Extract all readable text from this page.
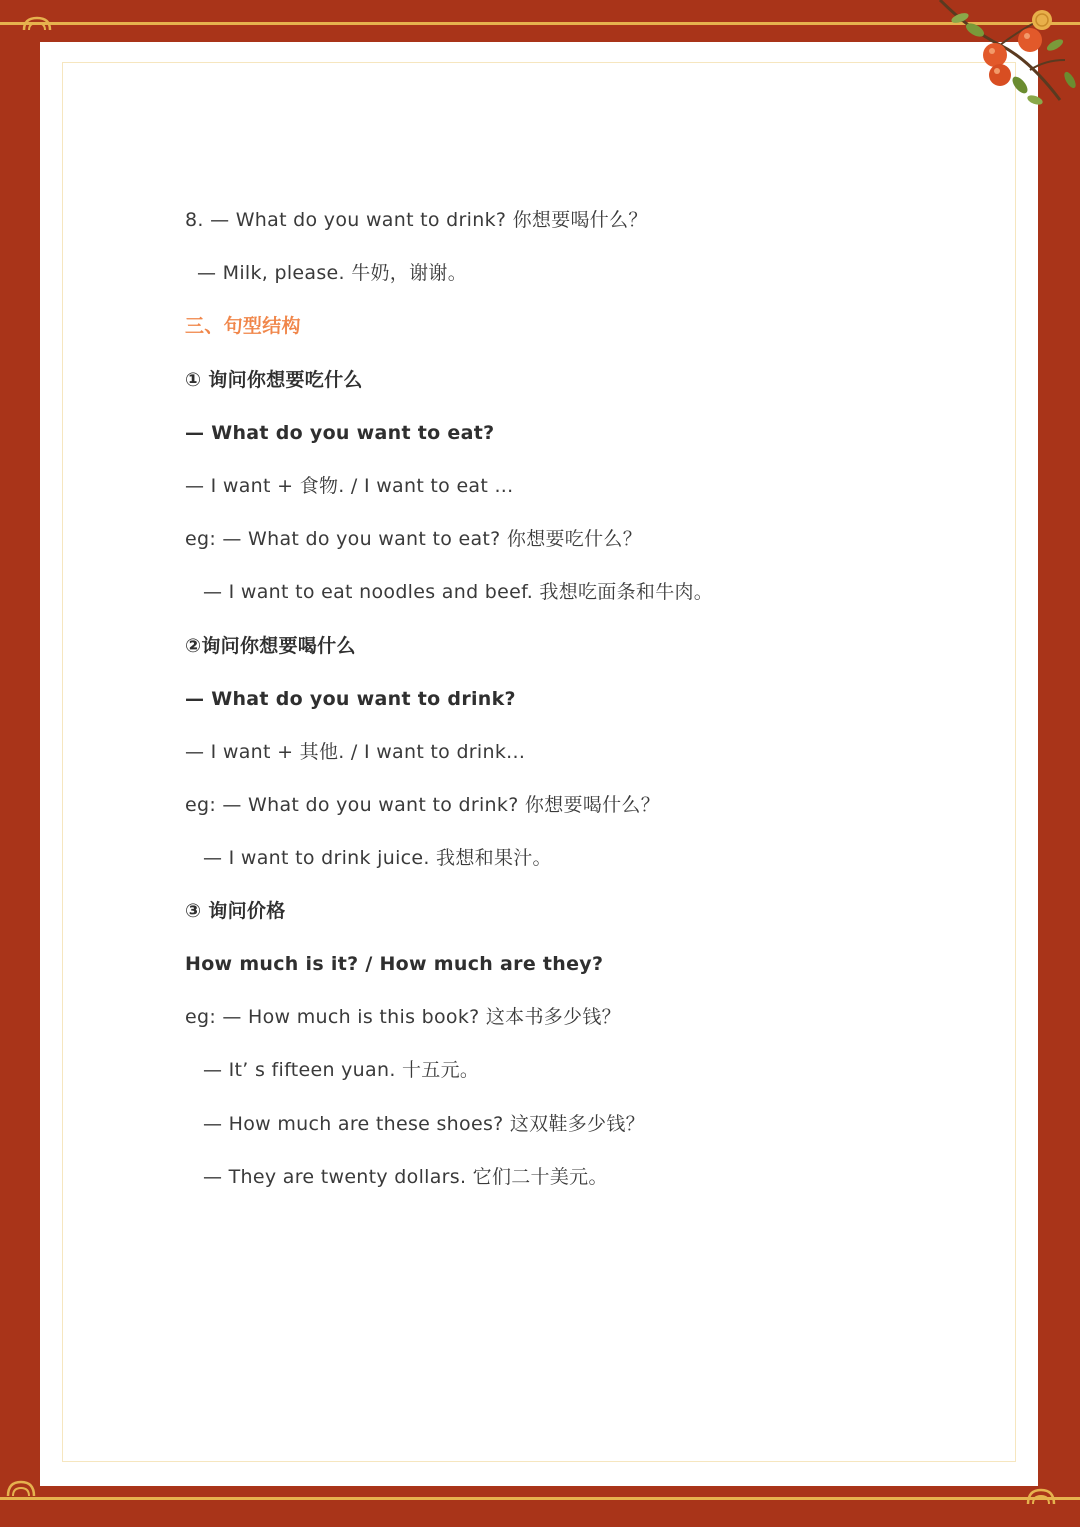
8. — What do you want to drink? 你想要喝什么？
— Milk, please. 牛奶，谢谢。
三、句型结构
① 询问你想要吃什么
— What do you want to eat?
— I want + 食物. / I want to eat ...
eg: — What do you want to eat? 你想要吃什么？
— I want to eat noodles and beef. 我想吃面条和牛肉。
②询问你想要喝什么
— What do you want to drink?
— I want + 其他. / I want to drink...
eg: — What do you want to drink? 你想要喝什么？
— I want to drink juice. 我想和果汁。
③ 询问价格
How much is it? / How much are they?
eg: — How much is this book? 这本书多少钱？
— It’ s fifteen yuan. 十五元。
— How much are these shoes? 这双鞋多少钱？
— They are twenty dollars. 它们二十美元。
